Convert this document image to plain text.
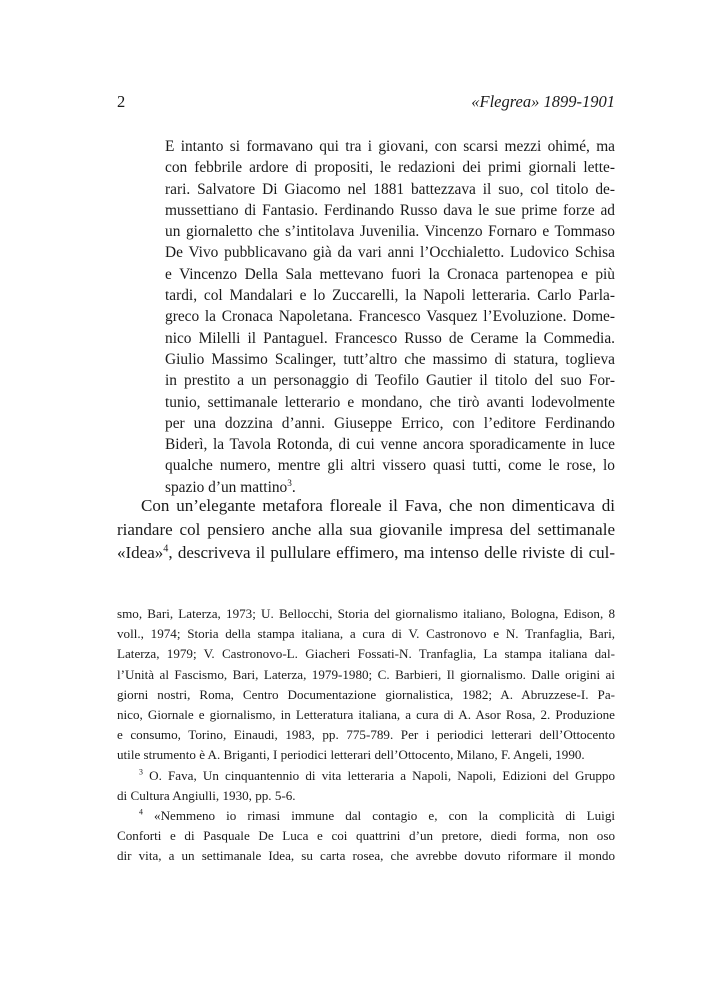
2	«Flegrea» 1899-1901
E intanto si formavano qui tra i giovani, con scarsi mezzi ohimé, ma
con febbrile ardore di propositi, le redazioni dei primi giornali lette-
rari. Salvatore Di Giacomo nel 1881 battezzava il suo, col titolo de-
mussettiano di Fantasio. Ferdinando Russo dava le sue prime forze ad
un giornaletto che s’intitolava Juvenilia. Vincenzo Fornaro e Tommaso
De Vivo pubblicavano già da vari anni l’Occhialetto. Ludovico Schisa
e Vincenzo Della Sala mettevano fuori la Cronaca partenopea e più
tardi, col Mandalari e lo Zuccarelli, la Napoli letteraria. Carlo Parla-
greco la Cronaca Napoletana. Francesco Vasquez l’Evoluzione. Dome-
nico Milelli il Pantaguel. Francesco Russo de Cerame la Commedia.
Giulio Massimo Scalinger, tutt’altro che massimo di statura, toglieva
in prestito a un personaggio di Teofilo Gautier il titolo del suo For-
tunio, settimanale letterario e mondano, che tirò avanti lodevolmente
per una dozzina d’anni. Giuseppe Errico, con l’editore Ferdinando
Biderì, la Tavola Rotonda, di cui venne ancora sporadicamente in luce
qualche numero, mentre gli altri vissero quasi tutti, come le rose, lo
spazio d’un mattino$^3$.
Con un’elegante metafora floreale il Fava, che non dimenticava di
riandare col pensiero anche alla sua giovanile impresa del settimanale
«Idea»$^4$, descriveva il pullulare effimero, ma intenso delle riviste di cul-
smo, Bari, Laterza, 1973; U. Bellocchi, Storia del giornalismo italiano, Bologna, Edison, 8
voll., 1974; Storia della stampa italiana, a cura di V. Castronovo e N. Tranfaglia, Bari,
Laterza, 1979; V. Castronovo-L. Giacheri Fossati-N. Tranfaglia, La stampa italiana dal-
l’Unità al Fascismo, Bari, Laterza, 1979-1980; C. Barbieri, Il giornalismo. Dalle origini ai
giorni nostri, Roma, Centro Documentazione giornalistica, 1982; A. Abruzzese-I. Pa-
nico, Giornale e giornalismo, in Letteratura italiana, a cura di A. Asor Rosa, 2. Produzione
e consumo, Torino, Einaudi, 1983, pp. 775-789. Per i periodici letterari dell’Ottocento
utile strumento è A. Briganti, I periodici letterari dell’Ottocento, Milano, F. Angeli, 1990.
$^3$ O. Fava, Un cinquantennio di vita letteraria a Napoli, Napoli, Edizioni del Gruppo
di Cultura Angiulli, 1930, pp. 5-6.
$^4$ «Nemmeno io rimasi immune dal contagio e, con la complicità di Luigi
Conforti e di Pasquale De Luca e coi quattrini d’un pretore, diedi forma, non oso
dir vita, a un settimanale Idea, su carta rosea, che avrebbe dovuto riformare il mondo
